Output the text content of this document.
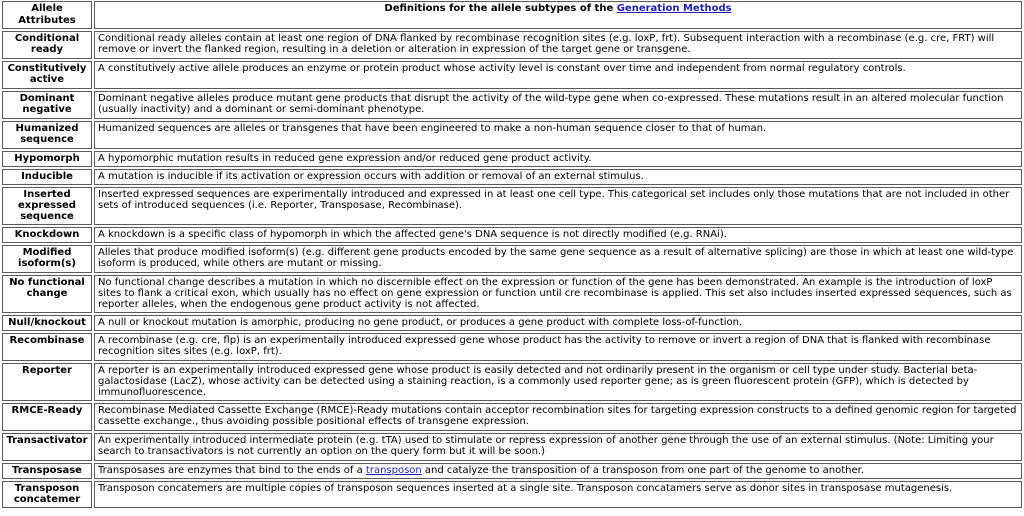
Allele Attributes	Definitions for the allele subtypes of the Generation Methods
Conditional ready	Conditional ready alleles contain at least one region of DNA flanked by recombinase recognition sites (e.g. loxP, frt). Subsequent interaction with a recombinase (e.g. cre, FRT) will remove or invert the flanked region, resulting in a deletion or alteration in expression of the target gene or transgene.
Constitutively active	A constitutively active allele produces an enzyme or protein product whose activity level is constant over time and independent from normal regulatory controls.
Dominant negative	Dominant negative alleles produce mutant gene products that disrupt the activity of the wild-type gene when co-expressed. These mutations result in an altered molecular function (usually inactivity) and a dominant or semi-dominant phenotype.
Humanized sequence	Humanized sequences are alleles or transgenes that have been engineered to make a non-human sequence closer to that of human.
Hypomorph	A hypomorphic mutation results in reduced gene expression and/or reduced gene product activity.
Inducible	A mutation is inducible if its activation or expression occurs with addition or removal of an external stimulus.
Inserted expressed sequence	Inserted expressed sequences are experimentally introduced and expressed in at least one cell type. This categorical set includes only those mutations that are not included in other sets of introduced sequences (i.e. Reporter, Transposase, Recombinase).
Knockdown	A knockdown is a specific class of hypomorph in which the affected gene's DNA sequence is not directly modified (e.g. RNAi).
Modified isoform(s)	Alleles that produce modified isoform(s) (e.g. different gene products encoded by the same gene sequence as a result of alternative splicing) are those in which at least one wild-type isoform is produced, while others are mutant or missing.
No functional change	No functional change describes a mutation in which no discernible effect on the expression or function of the gene has been demonstrated. An example is the introduction of loxP sites to flank a critical exon, which usually has no effect on gene expression or function until cre recombinase is applied. This set also includes inserted expressed sequences, such as reporter alleles, when the endogenous gene product activity is not affected.
Null/knockout	A null or knockout mutation is amorphic, producing no gene product, or produces a gene product with complete loss-of-function.
Recombinase	A recombinase (e.g. cre, flp) is an experimentally introduced expressed gene whose product has the activity to remove or invert a region of DNA that is flanked with recombinase recognition sites sites (e.g. loxP, frt).
Reporter	A reporter is an experimentally introduced expressed gene whose product is easily detected and not ordinarily present in the organism or cell type under study. Bacterial beta-galactosidase (LacZ), whose activity can be detected using a staining reaction, is a commonly used reporter gene; as is green fluorescent protein (GFP), which is detected by immunofluorescence.
RMCE-Ready	Recombinase Mediated Cassette Exchange (RMCE)-Ready mutations contain acceptor recombination sites for targeting expression constructs to a defined genomic region for targeted cassette exchange., thus avoiding possible positional effects of transgene expression.
Transactivator	An experimentally introduced intermediate protein (e.g. tTA) used to stimulate or repress expression of another gene through the use of an external stimulus. (Note: Limiting your search to transactivators is not currently an option on the query form but it will be soon.)
Transposase	Transposases are enzymes that bind to the ends of a transposon and catalyze the transposition of a transposon from one part of the genome to another.
Transposon concatemer	Transposon concatemers are multiple copies of transposon sequences inserted at a single site. Transposon concatamers serve as donor sites in transposase mutagenesis.
